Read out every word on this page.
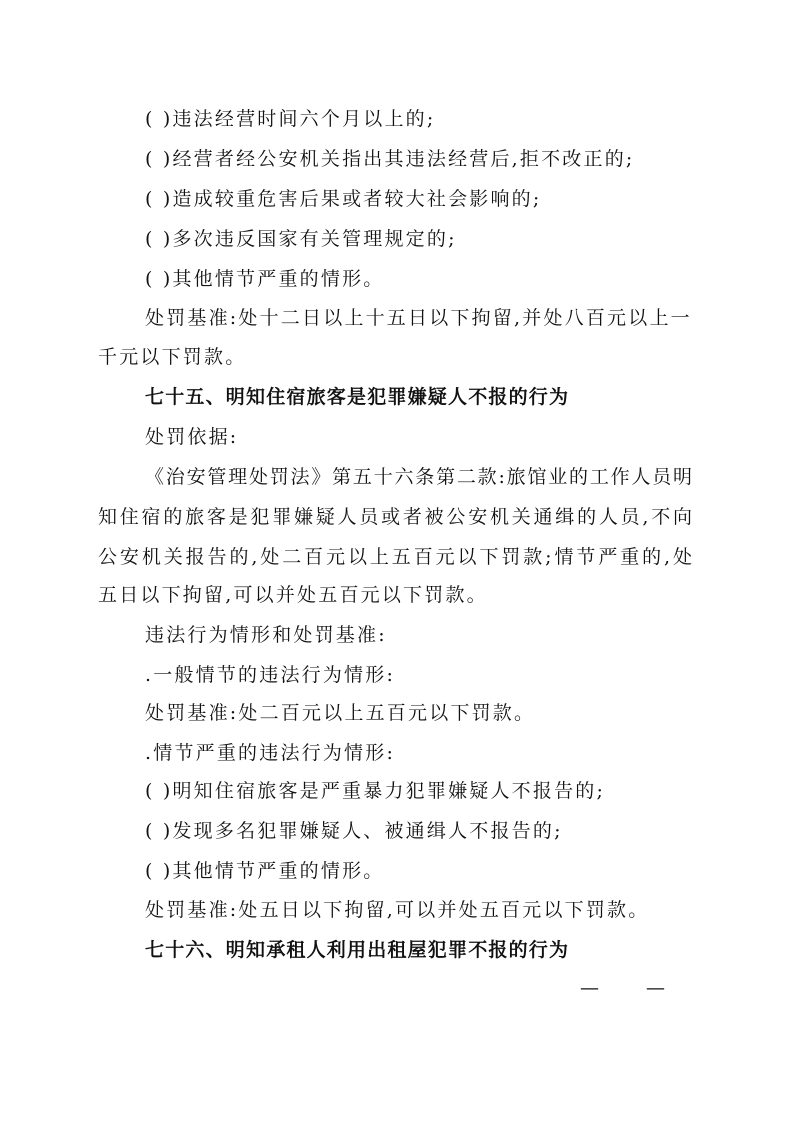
( )违法经营时间六个月以上的;
( )经营者经公安机关指出其违法经营后,拒不改正的;
( )造成较重危害后果或者较大社会影响的;
( )多次违反国家有关管理规定的;
( )其他情节严重的情形。
处罚基准:处十二日以上十五日以下拘留,并处八百元以上一
千元以下罚款。
七十五、明知住宿旅客是犯罪嫌疑人不报的行为
处罚依据:
《治安管理处罚法》第五十六条第二款:旅馆业的工作人员明
知住宿的旅客是犯罪嫌疑人员或者被公安机关通缉的人员,不向
公安机关报告的,处二百元以上五百元以下罚款;情节严重的,处
五日以下拘留,可以并处五百元以下罚款。
违法行为情形和处罚基准:
.一般情节的违法行为情形:
处罚基准:处二百元以上五百元以下罚款。
.情节严重的违法行为情形:
( )明知住宿旅客是严重暴力犯罪嫌疑人不报告的;
( )发现多名犯罪嫌疑人、被通缉人不报告的;
( )其他情节严重的情形。
处罚基准:处五日以下拘留,可以并处五百元以下罚款。
七十六、明知承租人利用出租屋犯罪不报的行为
— —
